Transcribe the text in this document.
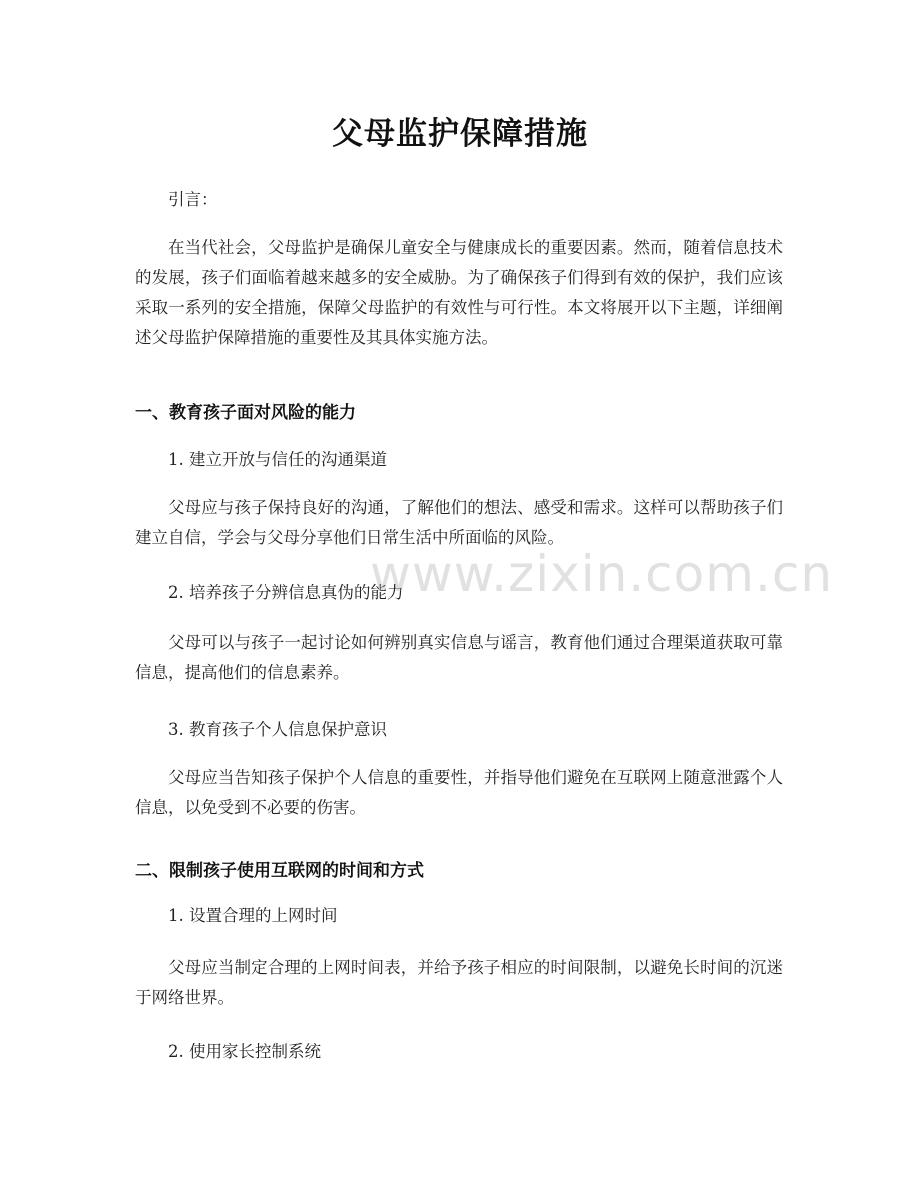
父母监护保障措施

引言：

在当代社会，父母监护是确保儿童安全与健康成长的重要因素。然而，随着信息技术的发展，孩子们面临着越来越多的安全威胁。为了确保孩子们得到有效的保护，我们应该采取一系列的安全措施，保障父母监护的有效性与可行性。本文将展开以下主题，详细阐述父母监护保障措施的重要性及其具体实施方法。

一、教育孩子面对风险的能力

1. 建立开放与信任的沟通渠道

父母应与孩子保持良好的沟通，了解他们的想法、感受和需求。这样可以帮助孩子们建立自信，学会与父母分享他们日常生活中所面临的风险。

2. 培养孩子分辨信息真伪的能力

父母可以与孩子一起讨论如何辨别真实信息与谣言，教育他们通过合理渠道获取可靠信息，提高他们的信息素养。

3. 教育孩子个人信息保护意识

父母应当告知孩子保护个人信息的重要性，并指导他们避免在互联网上随意泄露个人信息，以免受到不必要的伤害。

二、限制孩子使用互联网的时间和方式

1. 设置合理的上网时间

父母应当制定合理的上网时间表，并给予孩子相应的时间限制，以避免长时间的沉迷于网络世界。

2. 使用家长控制系统

www.zixin.com.cn
